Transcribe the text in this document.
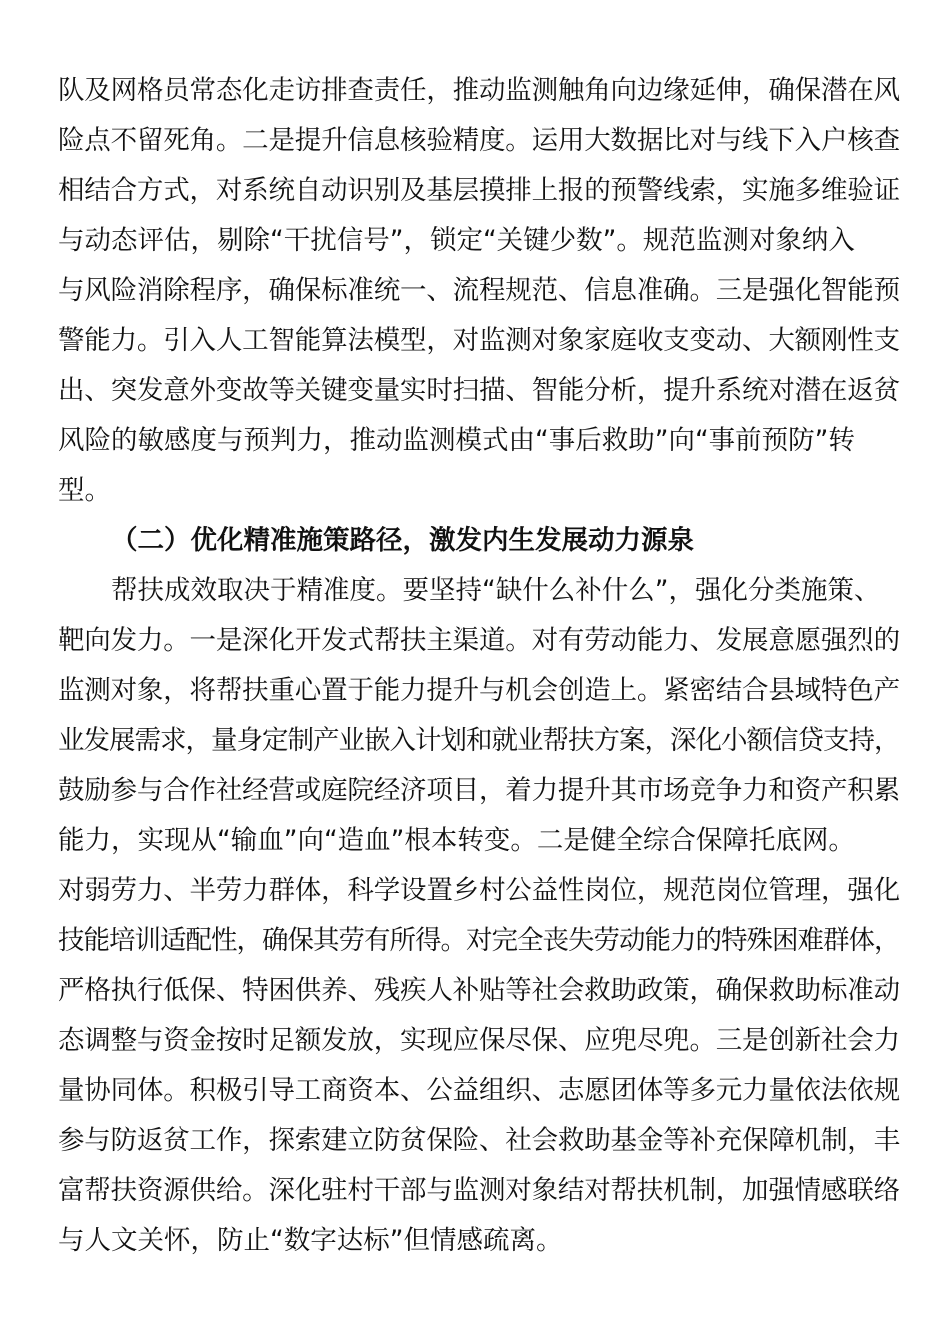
队及网格员常态化走访排查责任，推动监测触角向边缘延伸，确保潜在风
险点不留死角。二是提升信息核验精度。运用大数据比对与线下入户核查
相结合方式，对系统自动识别及基层摸排上报的预警线索，实施多维验证
与动态评估，剔除“干扰信号”，锁定“关键少数”。规范监测对象纳入
与风险消除程序，确保标准统一、流程规范、信息准确。三是强化智能预
警能力。引入人工智能算法模型，对监测对象家庭收支变动、大额刚性支
出、突发意外变故等关键变量实时扫描、智能分析，提升系统对潜在返贫
风险的敏感度与预判力，推动监测模式由“事后救助”向“事前预防”转
型。
（二）优化精准施策路径，激发内生发展动力源泉
帮扶成效取决于精准度。要坚持“缺什么补什么”，强化分类施策、
靶向发力。一是深化开发式帮扶主渠道。对有劳动能力、发展意愿强烈的
监测对象，将帮扶重心置于能力提升与机会创造上。紧密结合县域特色产
业发展需求，量身定制产业嵌入计划和就业帮扶方案，深化小额信贷支持，
鼓励参与合作社经营或庭院经济项目，着力提升其市场竞争力和资产积累
能力，实现从“输血”向“造血”根本转变。二是健全综合保障托底网。
对弱劳力、半劳力群体，科学设置乡村公益性岗位，规范岗位管理，强化
技能培训适配性，确保其劳有所得。对完全丧失劳动能力的特殊困难群体，
严格执行低保、特困供养、残疾人补贴等社会救助政策，确保救助标准动
态调整与资金按时足额发放，实现应保尽保、应兜尽兜。三是创新社会力
量协同体。积极引导工商资本、公益组织、志愿团体等多元力量依法依规
参与防返贫工作，探索建立防贫保险、社会救助基金等补充保障机制，丰
富帮扶资源供给。深化驻村干部与监测对象结对帮扶机制，加强情感联络
与人文关怀，防止“数字达标”但情感疏离。
